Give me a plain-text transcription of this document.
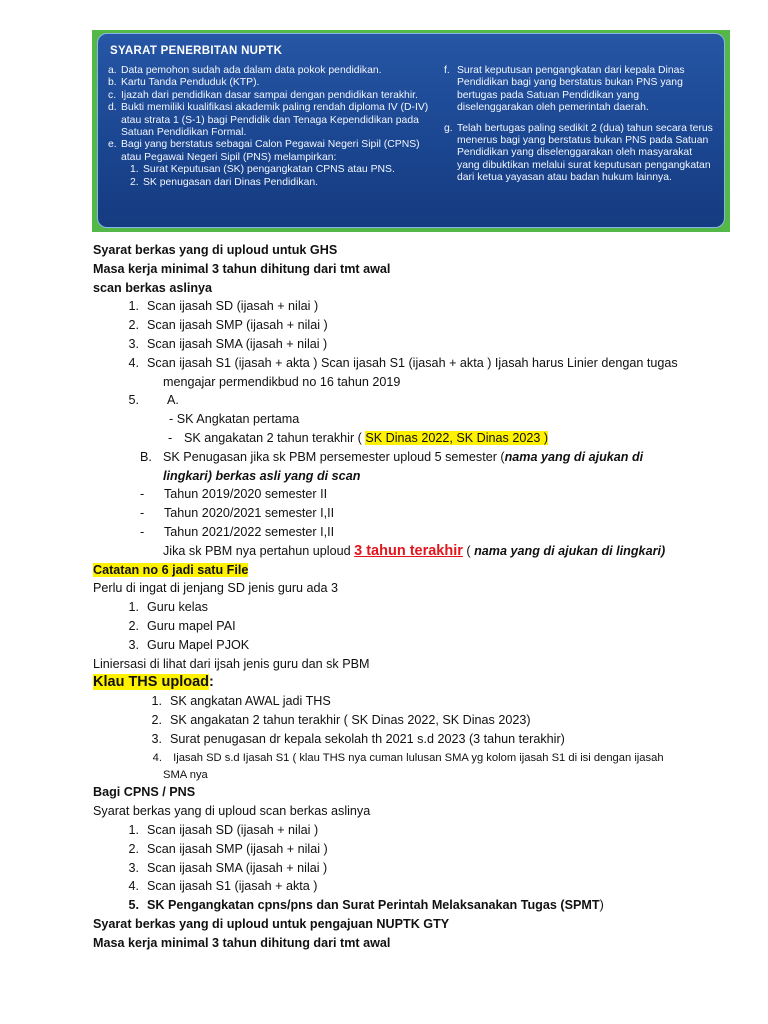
SYARAT PENERBITAN NUPTK
a. Data pemohon sudah ada dalam data pokok pendidikan.
b. Kartu Tanda Penduduk (KTP).
c. Ijazah dari pendidikan dasar sampai dengan pendidikan terakhir.
d. Bukti memiliki kualifikasi akademik paling rendah diploma IV (D-IV) atau strata 1 (S-1) bagi Pendidik dan Tenaga Kependidikan pada Satuan Pendidikan Formal.
e. Bagi yang berstatus sebagai Calon Pegawai Negeri Sipil (CPNS) atau Pegawai Negeri Sipil (PNS) melampirkan:
1. Surat Keputusan (SK) pengangkatan CPNS atau PNS.
2. SK penugasan dari Dinas Pendidikan.
f. Surat keputusan pengangkatan dari kepala Dinas Pendidikan bagi yang berstatus bukan PNS yang bertugas pada Satuan Pendidikan yang diselenggarakan oleh pemerintah daerah.
g. Telah bertugas paling sedikit 2 (dua) tahun secara terus menerus bagi yang berstatus bukan PNS pada Satuan Pendidikan yang diselenggarakan oleh masyarakat yang dibuktikan melalui surat keputusan pengangkatan dari ketua yayasan atau badan hukum lainnya.
Syarat berkas yang di uploud untuk GHS
Masa kerja minimal 3 tahun dihitung dari tmt awal
scan berkas aslinya
1. Scan ijasah SD (ijasah + nilai )
2. Scan ijasah SMP (ijasah + nilai )
3. Scan ijasah SMA (ijasah + nilai )
4. Scan ijasah S1 (ijasah + akta ) Scan ijasah S1 (ijasah + akta ) Ijasah harus Linier dengan tugas
mengajar permendikbud no 16 tahun 2019
5. A.
- SK Angkatan pertama
- SK angakatan 2 tahun terakhir ( SK Dinas 2022, SK Dinas 2023 )
B. SK Penugasan jika sk PBM persemester uploud 5 semester (nama yang di ajukan di
lingkari) berkas asli yang di scan
- Tahun 2019/2020 semester II
- Tahun 2020/2021 semester I,II
- Tahun 2021/2022 semester I,II
Jika sk PBM nya pertahun uploud 3 tahun terakhir ( nama yang di ajukan di lingkari)
Catatan no 6 jadi satu File
Perlu di ingat di jenjang SD jenis guru ada 3
1. Guru kelas
2. Guru mapel PAI
3. Guru Mapel PJOK
Liniersasi di lihat dari ijsah jenis guru dan sk PBM
Klau THS upload:
1. SK angkatan AWAL jadi THS
2. SK angakatan 2 tahun terakhir ( SK Dinas 2022, SK Dinas 2023)
3. Surat penugasan dr kepala sekolah th 2021 s.d 2023 (3 tahun terakhir)
4. Ijasah SD s.d Ijasah S1 ( klau THS nya cuman lulusan SMA yg kolom ijasah S1 di isi dengan ijasah
SMA nya
Bagi CPNS / PNS
Syarat berkas yang di uploud scan berkas aslinya
1. Scan ijasah SD (ijasah + nilai )
2. Scan ijasah SMP (ijasah + nilai )
3. Scan ijasah SMA (ijasah + nilai )
4. Scan ijasah S1 (ijasah + akta )
5. SK Pengangkatan cpns/pns dan Surat Perintah Melaksanakan Tugas (SPMT)
Syarat berkas yang di uploud untuk pengajuan NUPTK GTY
Masa kerja minimal 3 tahun dihitung dari tmt awal
